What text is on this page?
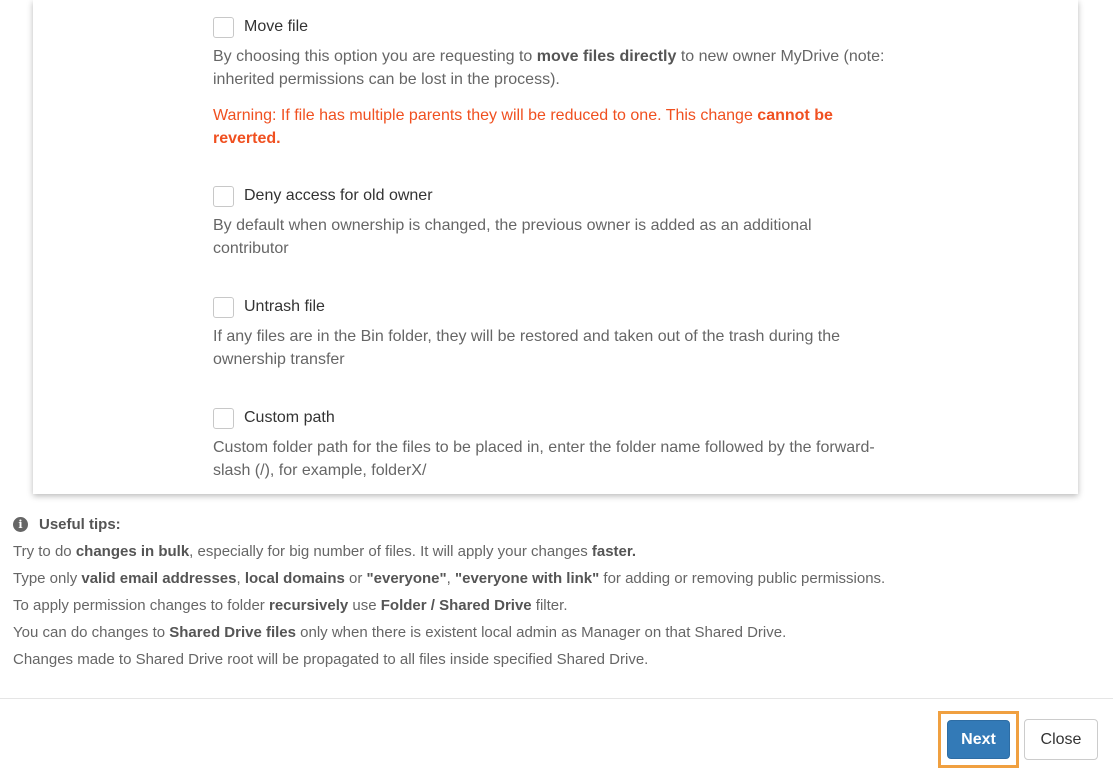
Move file
By choosing this option you are requesting to move files directly to new owner MyDrive (note: inherited permissions can be lost in the process).
Warning: If file has multiple parents they will be reduced to one. This change cannot be reverted.
Deny access for old owner
By default when ownership is changed, the previous owner is added as an additional contributor
Untrash file
If any files are in the Bin folder, they will be restored and taken out of the trash during the ownership transfer
Custom path
Custom folder path for the files to be placed in, enter the folder name followed by the forward-slash (/), for example, folderX/
i	Useful tips:
Try to do changes in bulk, especially for big number of files. It will apply your changes faster.
Type only valid email addresses, local domains or "everyone", "everyone with link" for adding or removing public permissions.
To apply permission changes to folder recursively use Folder / Shared Drive filter.
You can do changes to Shared Drive files only when there is existent local admin as Manager on that Shared Drive.
Changes made to Shared Drive root will be propagated to all files inside specified Shared Drive.
Next	Close
